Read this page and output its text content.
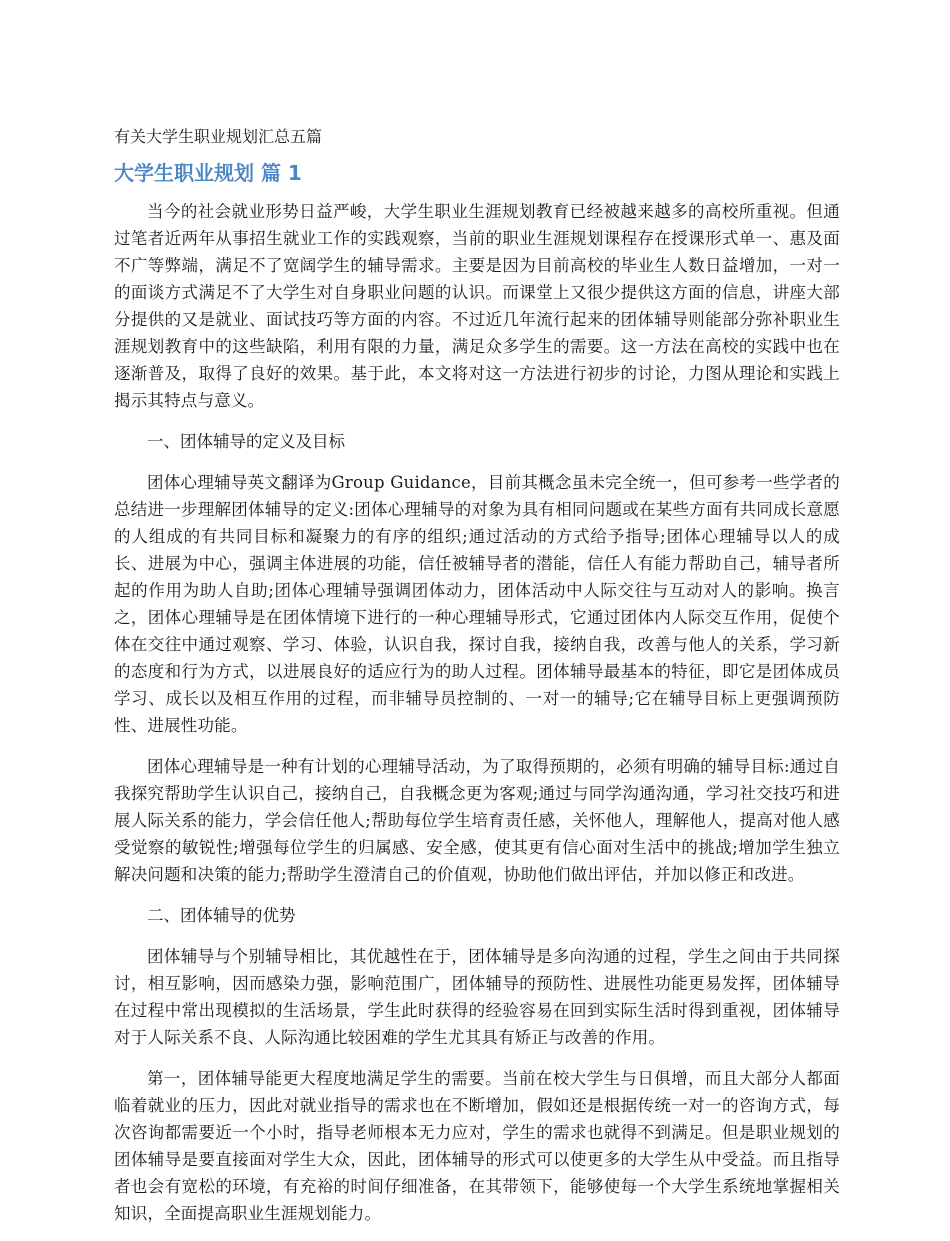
有关大学生职业规划汇总五篇
大学生职业规划 篇 1

当今的社会就业形势日益严峻，大学生职业生涯规划教育已经被越来越多的高校所重视。但通过笔者近两年从事招生就业工作的实践观察，当前的职业生涯规划课程存在授课形式单一、惠及面不广等弊端，满足不了宽阔学生的辅导需求。主要是因为目前高校的毕业生人数日益增加，一对一的面谈方式满足不了大学生对自身职业问题的认识。而课堂上又很少提供这方面的信息，讲座大部分提供的又是就业、面试技巧等方面的内容。不过近几年流行起来的团体辅导则能部分弥补职业生涯规划教育中的这些缺陷，利用有限的力量，满足众多学生的需要。这一方法在高校的实践中也在逐渐普及，取得了良好的效果。基于此，本文将对这一方法进行初步的讨论，力图从理论和实践上揭示其特点与意义。

一、团体辅导的定义及目标

团体心理辅导英文翻译为Group Guidance，目前其概念虽未完全统一，但可参考一些学者的总结进一步理解团体辅导的定义:团体心理辅导的对象为具有相同问题或在某些方面有共同成长意愿的人组成的有共同目标和凝聚力的有序的组织;通过活动的方式给予指导;团体心理辅导以人的成长、进展为中心，强调主体进展的功能，信任被辅导者的潜能，信任人有能力帮助自己，辅导者所起的作用为助人自助;团体心理辅导强调团体动力，团体活动中人际交往与互动对人的影响。换言之，团体心理辅导是在团体情境下进行的一种心理辅导形式，它通过团体内人际交互作用，促使个体在交往中通过观察、学习、体验，认识自我，探讨自我，接纳自我，改善与他人的关系，学习新的态度和行为方式，以进展良好的适应行为的助人过程。团体辅导最基本的特征，即它是团体成员学习、成长以及相互作用的过程，而非辅导员控制的、一对一的辅导;它在辅导目标上更强调预防性、进展性功能。

团体心理辅导是一种有计划的心理辅导活动，为了取得预期的，必须有明确的辅导目标:通过自我探究帮助学生认识自己，接纳自己，自我概念更为客观;通过与同学沟通沟通，学习社交技巧和进展人际关系的能力，学会信任他人;帮助每位学生培育责任感，关怀他人，理解他人，提高对他人感受觉察的敏锐性;增强每位学生的归属感、安全感，使其更有信心面对生活中的挑战;增加学生独立解决问题和决策的能力;帮助学生澄清自己的价值观，协助他们做出评估，并加以修正和改进。

二、团体辅导的优势

团体辅导与个别辅导相比，其优越性在于，团体辅导是多向沟通的过程，学生之间由于共同探讨，相互影响，因而感染力强，影响范围广，团体辅导的预防性、进展性功能更易发挥，团体辅导在过程中常出现模拟的生活场景，学生此时获得的经验容易在回到实际生活时得到重视，团体辅导对于人际关系不良、人际沟通比较困难的学生尤其具有矫正与改善的作用。

第一，团体辅导能更大程度地满足学生的需要。当前在校大学生与日俱增，而且大部分人都面临着就业的压力，因此对就业指导的需求也在不断增加，假如还是根据传统一对一的咨询方式，每次咨询都需要近一个小时，指导老师根本无力应对，学生的需求也就得不到满足。但是职业规划的团体辅导是要直接面对学生大众，因此，团体辅导的形式可以使更多的大学生从中受益。而且指导者也会有宽松的环境，有充裕的时间仔细准备，在其带领下，能够使每一个大学生系统地掌握相关知识，全面提高职业生涯规划能力。
